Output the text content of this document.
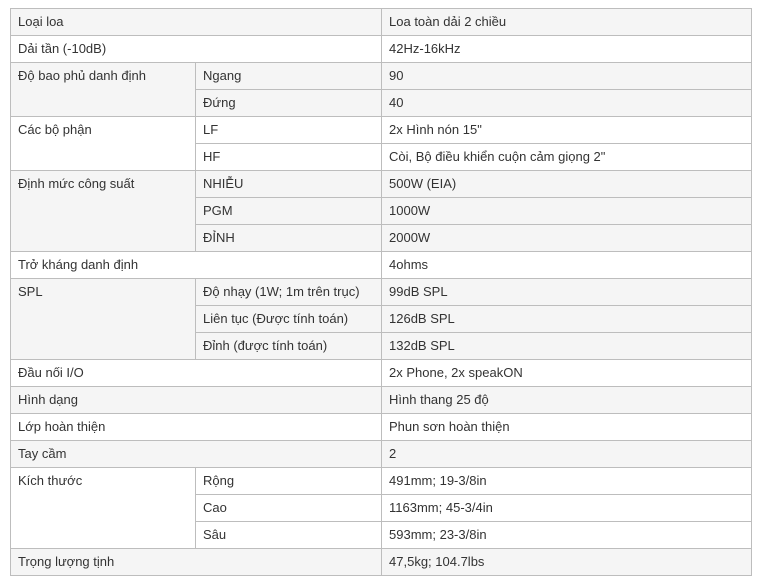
Loại loa		Loa toàn dải 2 chiều
Dải tần (-10dB)		42Hz-16kHz
Độ bao phủ danh định	Ngang	90
	Đứng	40
Các bộ phận	LF	2x Hình nón 15"
	HF	Còi, Bộ điều khiển cuộn cảm giọng 2"
Định mức công suất	NHIỄU	500W (EIA)
	PGM	1000W
	ĐỈNH	2000W
Trở kháng danh định		4ohms
SPL	Độ nhạy (1W; 1m trên trục)	99dB SPL
	Liên tục (Được tính toán)	126dB SPL
	Đỉnh (được tính toán)	132dB SPL
Đầu nối I/O		2x Phone, 2x speakON
Hình dạng		Hình thang 25 độ
Lớp hoàn thiện		Phun sơn hoàn thiện
Tay cầm		2
Kích thước	Rộng	491mm; 19-3/8in
	Cao	1163mm; 45-3/4in
	Sâu	593mm; 23-3/8in
Trọng lượng tịnh		47,5kg; 104.7lbs
